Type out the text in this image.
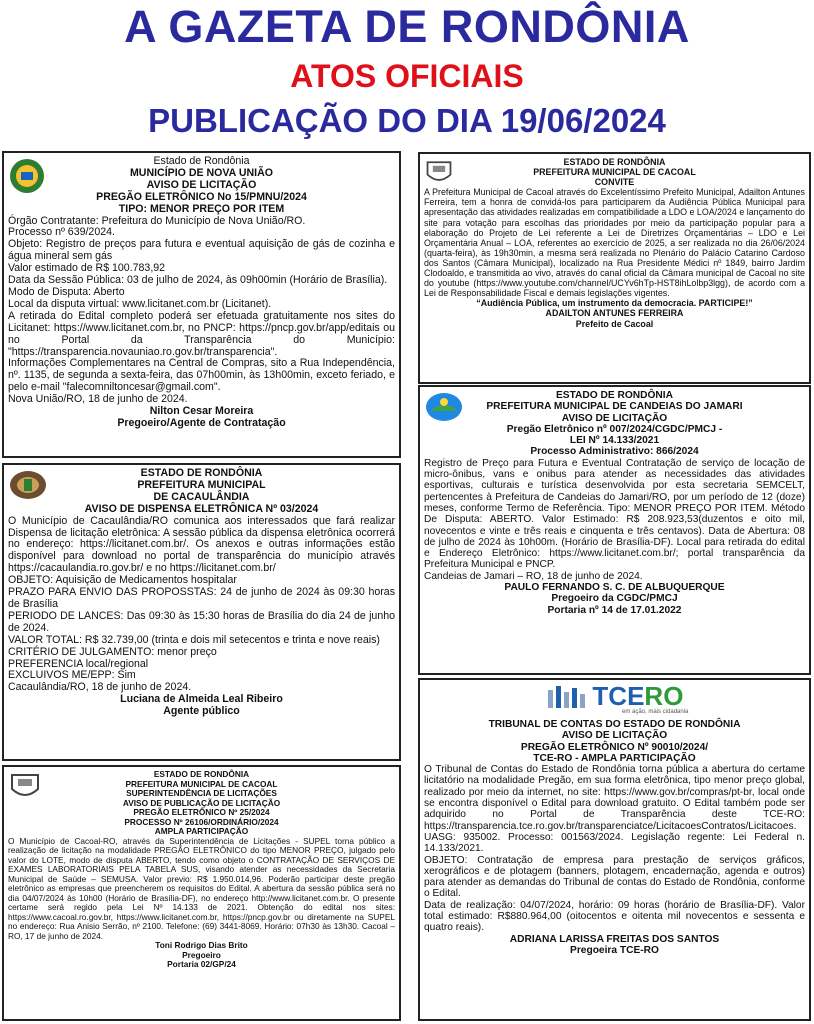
A GAZETA DE RONDÔNIA
ATOS OFICIAIS
PUBLICAÇÃO DO DIA 19/06/2024
Estado de Rondônia
MUNICÍPIO DE NOVA UNIÃO
AVISO DE LICITAÇÃO
PREGÃO ELETRÔNICO No 15/PMNU/2024
TIPO: MENOR PREÇO POR ITEM

Órgão Contratante: Prefeitura do Município de Nova União/RO.

Processo nº 639/2024.

Objeto: Registro de preços para futura e eventual aquisição de gás de cozinha e água mineral sem gás

Valor estimado de R$ 100.783,92

Data da Sessão Pública: 03 de julho de 2024, às 09h00min (Horário de Brasília).

Modo de Disputa: Aberto

Local da disputa virtual: www.licitanet.com.br (Licitanet).

A retirada do Edital completo poderá ser efetuada gratuitamente nos sites do Licitanet: https://www.licitanet.com.br, no PNCP: https://pncp.gov.br/app/editais ou no Portal da Transparência do Município: "https://transparencia.novauniao.ro.gov.br/transparencia".

Informações Complementares na Central de Compras, sito a Rua Independência, nº. 1135, de segunda a sexta-feira, das 07h00min, às 13h00min, exceto feriado, e pelo e-mail "falecomniltoncesar@gmail.com".

Nova União/RO, 18 de junho de 2024.

Nilton Cesar Moreira
Pregoeiro/Agente de Contratação
ESTADO DE RONDÔNIA
PREFEITURA MUNICIPAL
DE CACAULÂNDIA
AVISO DE DISPENSA ELETRÔNICA Nº 03/2024

O Município de Cacaulândia/RO comunica aos interessados que fará realizar Dispensa de licitação eletrônica: A sessão pública da dispensa eletrônica ocorrerá no endereço: https://licitanet.com.br/. Os anexos e outras informações estão disponível para download no portal de transparência do município através https://cacaulandia.ro.gov.br/ e no https://licitanet.com.br/

OBJETO: Aquisição de Medicamentos hospitalar

PRAZO PARA ENVIO DAS PROPOSSTAS: 24 de junho de 2024 às 09:30 horas de Brasília

PERIODO DE LANCES: Das 09:30 às 15:30 horas de Brasília do dia 24 de junho de 2024.

VALOR TOTAL: R$ 32.739,00 (trinta e dois mil setecentos e trinta e nove reais)

CRITÉRIO DE JULGAMENTO: menor preço

PREFERENCIA local/regional

EXCLUIVOS ME/EPP: Sim

Cacaulândia/RO, 18 de junho de 2024.

Luciana de Almeida Leal Ribeiro
Agente público
ESTADO DE RONDÔNIA
PREFEITURA MUNICIPAL DE CACOAL
SUPERINTENDÊNCIA DE LICITAÇÕES
AVISO DE PUBLICAÇÃO DE LICITAÇÃO
PREGÃO ELETRÔNICO Nº 25/2024
PROCESSO Nº 26106/ORDINÁRIO/2024
AMPLA PARTICIPAÇÃO

O Município de Cacoal-RO, através da Superintendência de Licitações - SUPEL torna público a realização de licitação na modalidade PREGÃO ELETRÔNICO do tipo MENOR PREÇO, julgado pelo valor do LOTE, modo de disputa ABERTO, tendo como objeto o CONTRATAÇÃO DE SERVIÇOS DE EXAMES LABORATORIAIS PELA TABELA SUS, visando atender as necessidades da Secretaria Municipal de Saúde – SEMUSA. Valor previo: R$ 1.950.014,96. Poderão participar deste pregão eletrônico as empresas que preencherem os requisitos do Edital. A abertura da sessão pública será no dia 04/07/2024 às 10h00 (Horário de Brasília-DF), no endereço http://www.licitanet.com.br. O presente certame será regido pela Lei Nº 14.133 de 2021. Obtenção do edital nos sites: https://www.cacoal.ro.gov.br, https://www.licitanet.com.br, https://pncp.gov.br ou diretamente na SUPEL no endereço: Rua Anisio Serrão, nº 2100. Telefone: (69) 3441-8069. Horário: 07h30 às 13h30. Cacoal – RO, 17 de junho de 2024.

Toni Rodrigo Dias Brito
Pregoeiro
Portaria 02/GP/24
ESTADO DE RONDÔNIA
PREFEITURA MUNICIPAL DE CACOAL
CONVITE

A Prefeitura Municipal de Cacoal através do Excelentíssimo Prefeito Municipal, Adailton Antunes Ferreira, tem a honra de convidá-los para participarem da Audiência Pública Municipal para apresentação das atividades realizadas em compatibilidade a LDO e LOA/2024 e lançamento do site para votação para escolhas das prioridades por meio da participação popular para a elaboração do Projeto de Lei referente a Lei de Diretrizes Orçamentárias – LDO e Lei Orçamentária Anual – LOA, referentes ao exercício de 2025, a ser realizada no dia 26/06/2024 (quarta-feira), às 19h30min, a mesma será realizada no Plenário do Palácio Catarino Cardoso dos Santos (Câmara Municipal), localizado na Rua Presidente Médici nº 1849, bairro Jardim Clodoaldo, e transmitida ao vivo, através do canal oficial da Câmara municipal de Cacoal no site do youtube (https://www.youtube.com/channel/UCYv6hTp-HST8ihLolbp3lgg), de acordo com a Lei de Responsabilidade Fiscal e demais legislações vigentes.

“Audiência Pública, um instrumento da democracia. PARTICIPE!”
ADAILTON ANTUNES FERREIRA
Prefeito de Cacoal
ESTADO DE RONDÔNIA
PREFEITURA MUNICIPAL DE CANDEIAS DO JAMARI
AVISO DE LICITAÇÃO
Pregão Eletrônico nº 007/2024/CGDC/PMCJ -
LEI Nº 14.133/2021
Processo Administrativo: 866/2024

Registro de Preço para Futura e Eventual Contratação de serviço de locação de micro-ônibus, vans e onibus para atender as necessidades das atividades esportivas, culturais e turística desenvolvida por esta secretaria SEMCELT, pertencentes à Prefeitura de Candeias do Jamari/RO, por um período de 12 (doze) meses, conforme Termo de Referência. Tipo: MENOR PREÇO POR ITEM. Método De Disputa: ABERTO. Valor Estimado: R$ 208.923,53(duzentos e oito mil, novecentos e vinte e três reais e cinquenta e três centavos). Data de Abertura: 08 de julho de 2024 às 10h00m. (Horário de Brasília-DF). Local para retirada do edital e Endereço Eletrônico: https://www.licitanet.com.br/; portal transparência da Prefeitura Municipal e PNCP.

Candeias de Jamari – RO, 18 de junho de 2024.

PAULO FERNANDO S. C. DE ALBUQUERQUE
Pregoeiro da CGDC/PMCJ
Portaria nº 14 de 17.01.2022
TCERO
em ação, mais cidadania
TRIBUNAL DE CONTAS DO ESTADO DE RONDÔNIA
AVISO DE LICITAÇÃO
PREGÃO ELETRÔNICO Nº 90010/2024/
TCE-RO - AMPLA PARTICIPAÇÃO

O Tribunal de Contas do Estado de Rondônia torna pública a abertura do certame licitatório na modalidade Pregão, em sua forma eletrônica, tipo menor preço global, realizado por meio da internet, no site: https://www.gov.br/compras/pt-br, local onde se encontra disponível o Edital para download gratuito. O Edital também pode ser adquirido no Portal de Transparência deste TCE-RO: https://transparencia.tce.ro.gov.br/transparenciatce/LicitacoesContratos/Licitacoes.

UASG: 935002. Processo: 001563/2024. Legislação regente: Lei Federal n. 14.133/2021.

OBJETO: Contratação de empresa para prestação de serviços gráficos, xerográficos e de plotagem (banners, plotagem, encadernação, agenda e outros) para atender as demandas do Tribunal de contas do Estado de Rondônia, conforme o Edital.

Data de realização: 04/07/2024, horário: 09 horas (horário de Brasília-DF). Valor total estimado: R$880.964,00 (oitocentos e oitenta mil novecentos e sessenta e quatro reais).

ADRIANA LARISSA FREITAS DOS SANTOS
Pregoeira TCE-RO
